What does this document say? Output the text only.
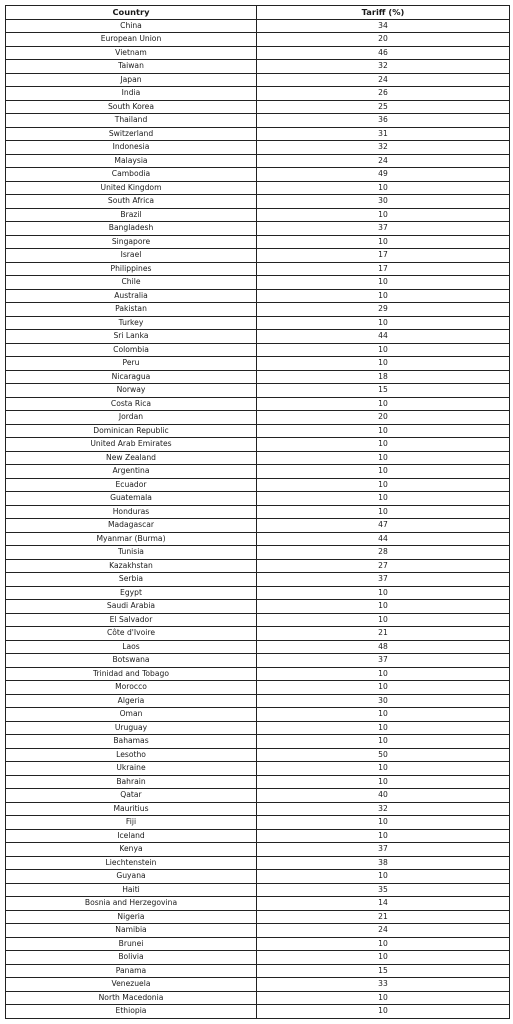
Country	Tariff (%)
China	34
European Union	20
Vietnam	46
Taiwan	32
Japan	24
India	26
South Korea	25
Thailand	36
Switzerland	31
Indonesia	32
Malaysia	24
Cambodia	49
United Kingdom	10
South Africa	30
Brazil	10
Bangladesh	37
Singapore	10
Israel	17
Philippines	17
Chile	10
Australia	10
Pakistan	29
Turkey	10
Sri Lanka	44
Colombia	10
Peru	10
Nicaragua	18
Norway	15
Costa Rica	10
Jordan	20
Dominican Republic	10
United Arab Emirates	10
New Zealand	10
Argentina	10
Ecuador	10
Guatemala	10
Honduras	10
Madagascar	47
Myanmar (Burma)	44
Tunisia	28
Kazakhstan	27
Serbia	37
Egypt	10
Saudi Arabia	10
El Salvador	10
Côte d'Ivoire	21
Laos	48
Botswana	37
Trinidad and Tobago	10
Morocco	10
Algeria	30
Oman	10
Uruguay	10
Bahamas	10
Lesotho	50
Ukraine	10
Bahrain	10
Qatar	40
Mauritius	32
Fiji	10
Iceland	10
Kenya	37
Liechtenstein	38
Guyana	10
Haiti	35
Bosnia and Herzegovina	14
Nigeria	21
Namibia	24
Brunei	10
Bolivia	10
Panama	15
Venezuela	33
North Macedonia	10
Ethiopia	10
